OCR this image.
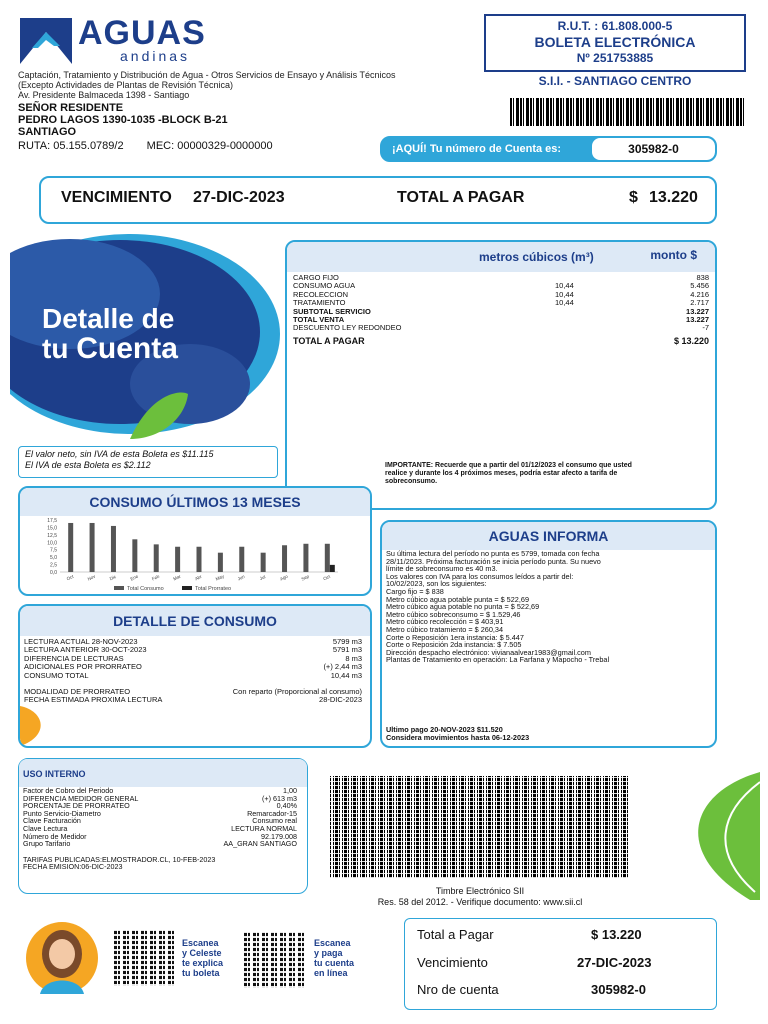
AGUAS
andinas
Captación, Tratamiento y Distribución de Agua - Otros Servicios de Ensayo y Análisis Técnicos
(Excepto Actividades de Plantas de Revisión Técnica)
Av. Presidente Balmaceda 1398 - Santiago
SEÑOR RESIDENTE
PEDRO LAGOS 1390-1035 -BLOCK B-21
SANTIAGO
RUTA: 05.155.0789/2 MEC: 00000329-0000000
R.U.T. : 61.808.000-5
BOLETA ELECTRÓNICA
Nº 251753885
S.I.I. - SANTIAGO CENTRO
¡AQUÍ! Tu número de Cuenta es:	305982-0
VENCIMIENTO 27-DIC-2023	TOTAL A PAGAR	$ 13.220
Detalle de
tu Cuenta
El valor neto, sin IVA de esta Boleta es $11.115
El IVA de esta Boleta es $2.112
metros cúbicos (m³)	monto $
CARGO FIJO	838
CONSUMO AGUA	10,44	5.456
RECOLECCION	10,44	4.216
TRATAMIENTO	10,44	2.717
SUBTOTAL SERVICIO	13.227
TOTAL VENTA	13.227
DESCUENTO LEY REDONDEO	-7
TOTAL A PAGAR	$ 13.220
IMPORTANTE: Recuerde que a partir del 01/12/2023 el consumo que usted realice y durante los 4 próximos meses, podría estar afecto a tarifa de sobreconsumo.
CONSUMO ÚLTIMOS 13 MESES
17,5
15,0
12,5
10,0
7,5
5,0
2,5
0,0
Oct	Nov	Dic	Ene	Feb	Mar	Abr	May	Jun	Jul	Ago	Sep	Oct
Total Consumo	Total Prorrateo
DETALLE DE CONSUMO
LECTURA ACTUAL 28-NOV-2023	5799 m3
LECTURA ANTERIOR 30-OCT-2023	5791 m3
DIFERENCIA DE LECTURAS	8 m3
ADICIONALES POR PRORRATEO	(+) 2,44 m3
CONSUMO TOTAL	10,44 m3
MODALIDAD DE PRORRATEO	Con reparto (Proporcional al consumo)
FECHA ESTIMADA PROXIMA LECTURA	28-DIC-2023
AGUAS INFORMA
Su última lectura del período no punta es 5799, tomada con fecha
28/11/2023. Próxima facturación se inicia período punta. Su nuevo
límite de sobreconsumo es 40 m3.
Los valores con IVA para los consumos leídos a partir del:
10/02/2023, son los siguientes:
Cargo fijo = $ 838
Metro cúbico agua potable punta = $ 522,69
Metro cúbico agua potable no punta = $ 522,69
Metro cúbico sobreconsumo = $ 1.529,46
Metro cúbico recolección = $ 403,91
Metro cúbico tratamiento = $ 260,34
Corte o Reposición 1era instancia: $ 5.447
Corte o Reposición 2da instancia: $ 7.505
Dirección despacho electrónico: vivianaalvear1983@gmail.com
Plantas de Tratamiento en operación: La Farfana y Mapocho - Trebal
Ultimo pago 20-NOV-2023 $11.520
Considera movimientos hasta 06-12-2023
USO INTERNO
Factor de Cobro del Periodo	1,00
DIFERENCIA MEDIDOR GENERAL	(+) 613 m3
PORCENTAJE DE PRORRATEO	0,40%
Punto Servicio-Diametro	Remarcador-15
Clave Facturación	Consumo real
Clave Lectura	LECTURA NORMAL
Número de Medidor	92.179.008
Grupo Tarifario	AA_GRAN SANTIAGO
TARIFAS PUBLICADAS:ELMOSTRADOR.CL, 10-FEB-2023
FECHA EMISION:06-DIC-2023
Timbre Electrónico SII
Res. 58 del 2012. - Verifique documento: www.sii.cl
Escanea
y Celeste
te explica
tu boleta
Escanea
y paga
tu cuenta
en línea
Total a Pagar	$ 13.220
Vencimiento	27-DIC-2023
Nro de cuenta	305982-0
